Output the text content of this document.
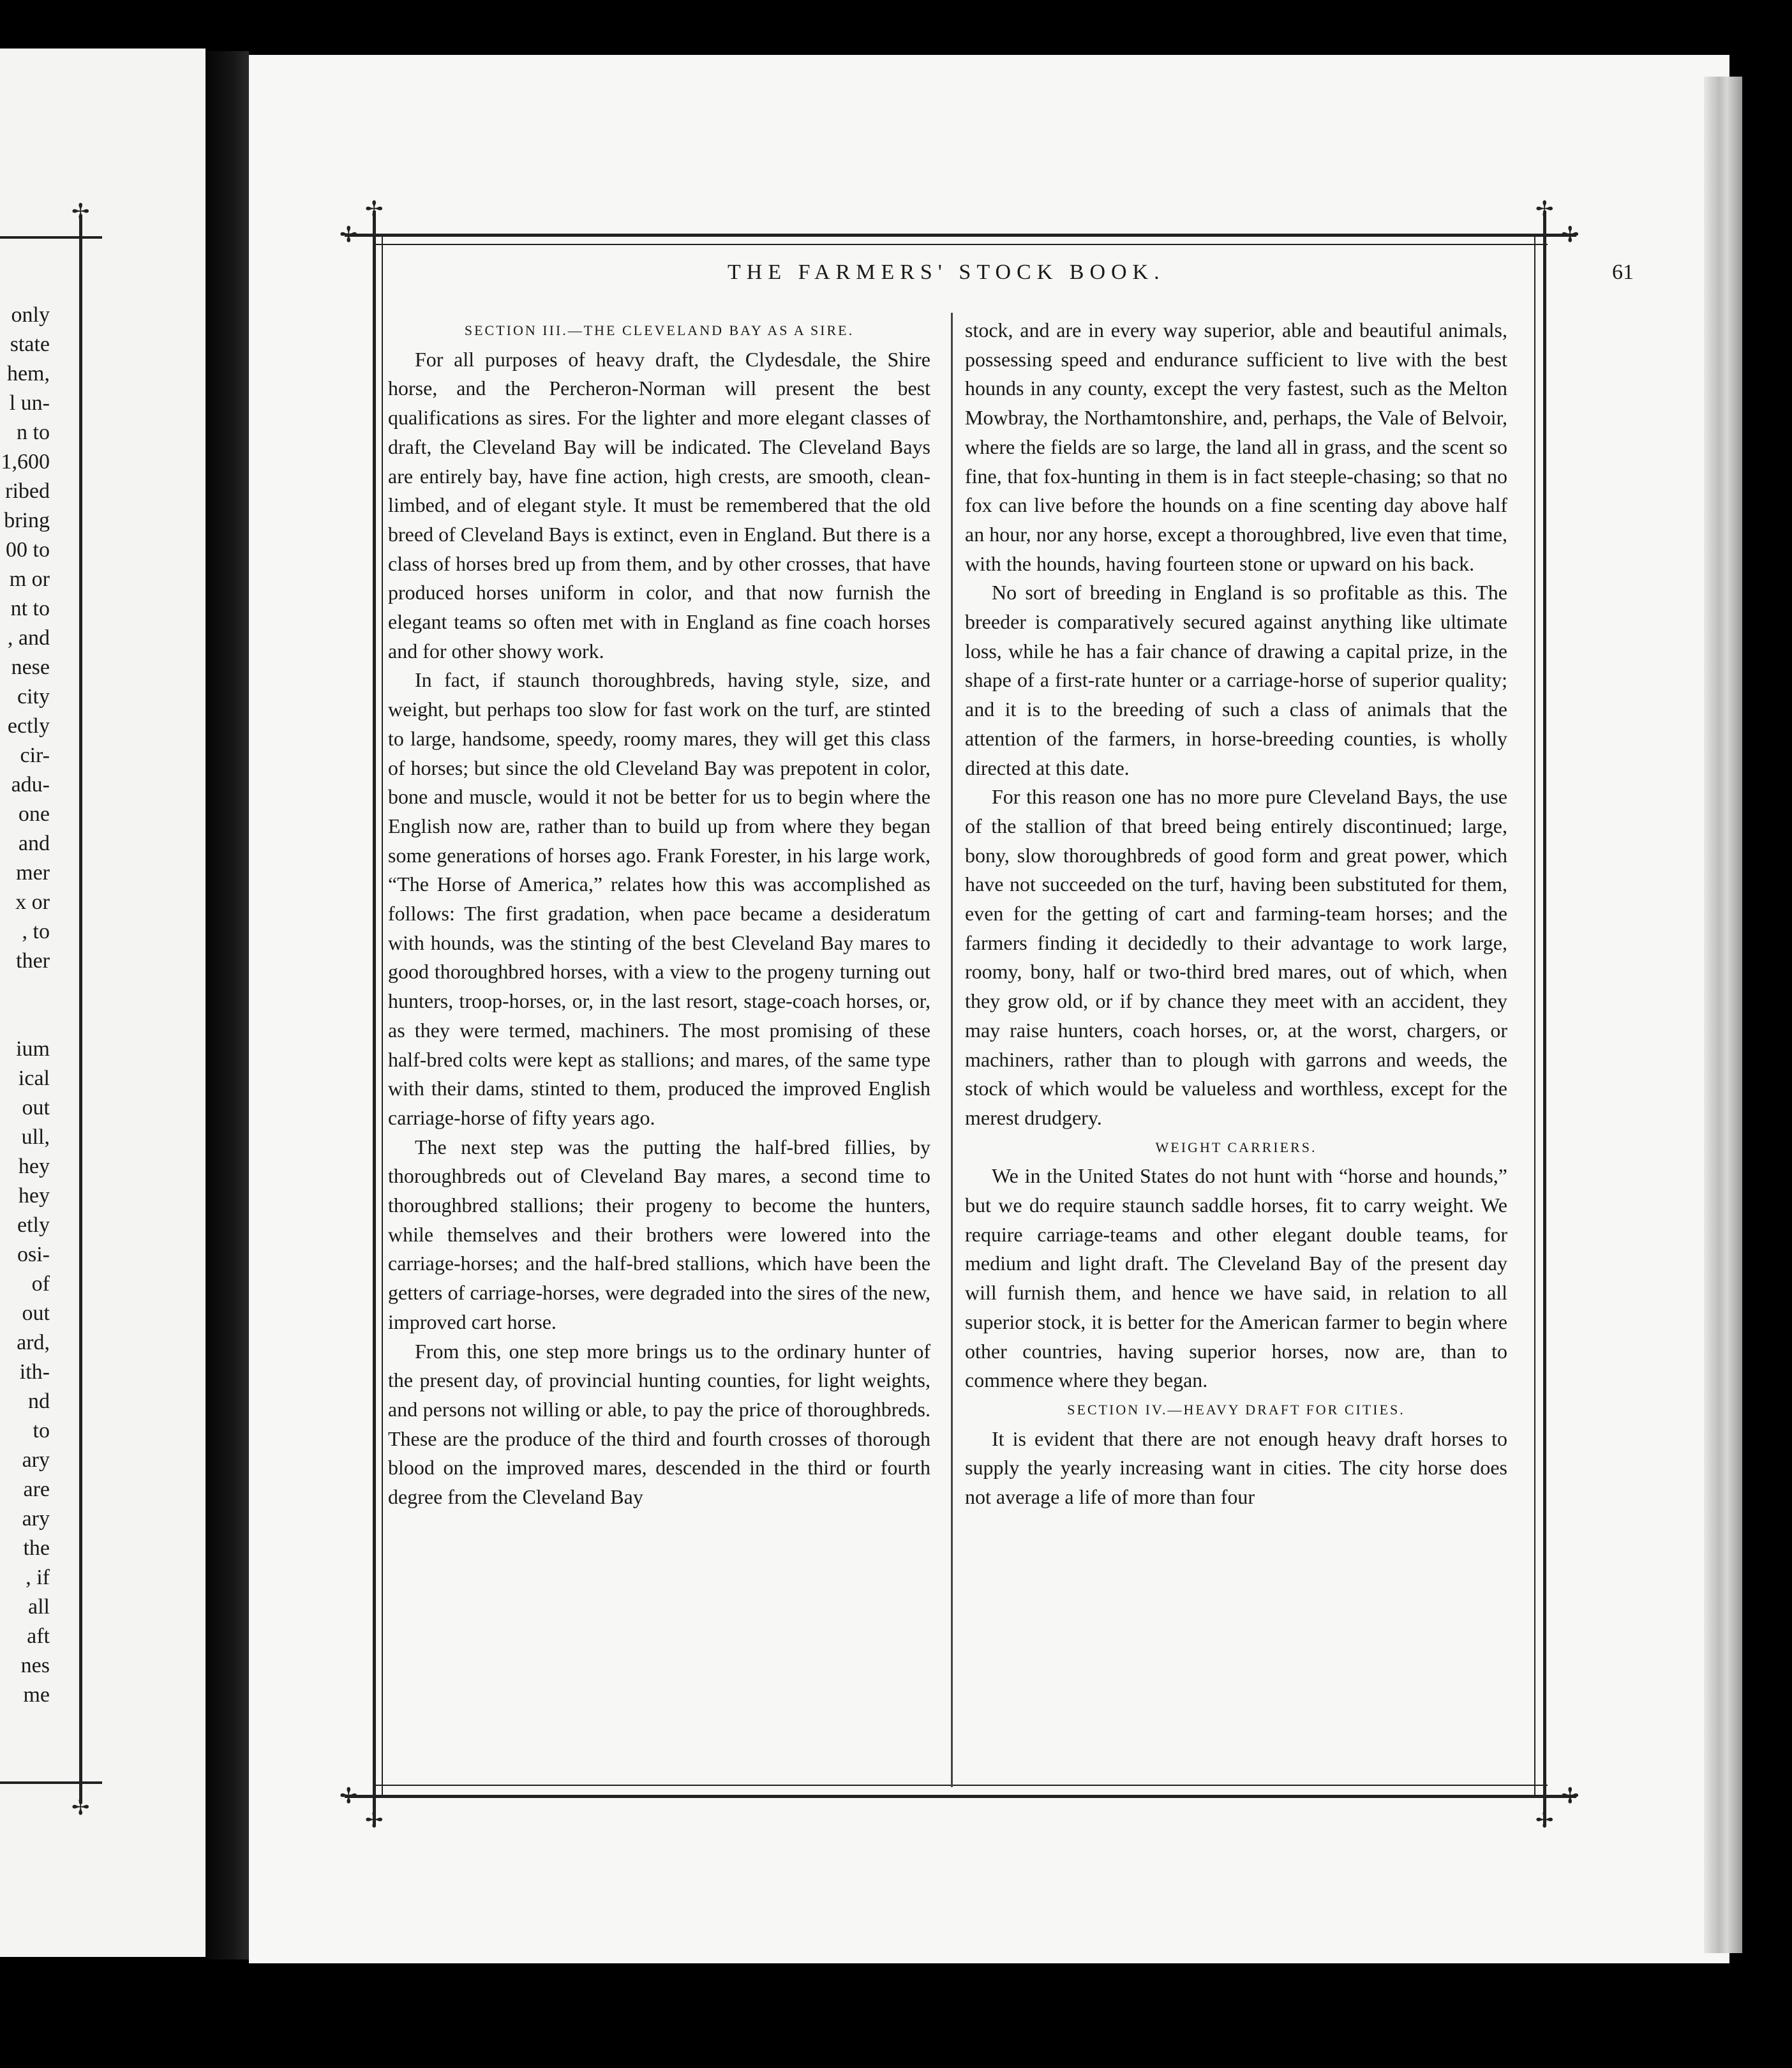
only
state
hem,
l un-
n to
1,600
ribed
bring
00 to
m or
nt to
, and
nese
city
ectly
cir-
adu-
one
and
mer
x or
, to
ther
ium
ical
out
ull,
hey
hey
etly
osi-
of
out
ard,
ith-
nd
to
ary
are
ary
the
, if
all
aft
nes
me
✢
✢
✢
✢
✢
✢
✢
✢
✢
✢
THE FARMERS' STOCK BOOK.	61
SECTION III.—THE CLEVELAND BAY AS A SIRE.

For all purposes of heavy draft, the Clydesdale, the Shire horse, and the Percheron-Norman will present the best qualifications as sires. For the lighter and more elegant classes of draft, the Cleveland Bay will be indicated. The Cleveland Bays are entirely bay, have fine action, high crests, are smooth, clean-limbed, and of elegant style. It must be remembered that the old breed of Cleveland Bays is extinct, even in England. But there is a class of horses bred up from them, and by other crosses, that have produced horses uniform in color, and that now furnish the elegant teams so often met with in England as fine coach horses and for other showy work.

In fact, if staunch thoroughbreds, having style, size, and weight, but perhaps too slow for fast work on the turf, are stinted to large, handsome, speedy, roomy mares, they will get this class of horses; but since the old Cleveland Bay was prepotent in color, bone and muscle, would it not be better for us to begin where the English now are, rather than to build up from where they began some generations of horses ago. Frank Forester, in his large work, “The Horse of America,” relates how this was accomplished as follows: The first gradation, when pace became a desideratum with hounds, was the stinting of the best Cleveland Bay mares to good thoroughbred horses, with a view to the progeny turning out hunters, troop-horses, or, in the last resort, stage-coach horses, or, as they were termed, machiners. The most promising of these half-bred colts were kept as stallions; and mares, of the same type with their dams, stinted to them, produced the improved English carriage-horse of fifty years ago.

The next step was the putting the half-bred fillies, by thoroughbreds out of Cleveland Bay mares, a second time to thoroughbred stallions; their progeny to become the hunters, while themselves and their brothers were lowered into the carriage-horses; and the half-bred stallions, which have been the getters of carriage-horses, were degraded into the sires of the new, improved cart horse.

From this, one step more brings us to the ordinary hunter of the present day, of provincial hunting counties, for light weights, and persons not willing or able, to pay the price of thoroughbreds. These are the produce of the third and fourth crosses of thorough blood on the improved mares, descended in the third or fourth degree from the Cleveland Bay

stock, and are in every way superior, able and beautiful animals, possessing speed and endurance sufficient to live with the best hounds in any county, except the very fastest, such as the Melton Mowbray, the Northamtonshire, and, perhaps, the Vale of Belvoir, where the fields are so large, the land all in grass, and the scent so fine, that fox-hunting in them is in fact steeple-chasing; so that no fox can live before the hounds on a fine scenting day above half an hour, nor any horse, except a thoroughbred, live even that time, with the hounds, having fourteen stone or upward on his back.

No sort of breeding in England is so profitable as this. The breeder is comparatively secured against anything like ultimate loss, while he has a fair chance of drawing a capital prize, in the shape of a first-rate hunter or a carriage-horse of superior quality; and it is to the breeding of such a class of animals that the attention of the farmers, in horse-breeding counties, is wholly directed at this date.

For this reason one has no more pure Cleveland Bays, the use of the stallion of that breed being entirely discontinued; large, bony, slow thoroughbreds of good form and great power, which have not succeeded on the turf, having been substituted for them, even for the getting of cart and farming-team horses; and the farmers finding it decidedly to their advantage to work large, roomy, bony, half or two-third bred mares, out of which, when they grow old, or if by chance they meet with an accident, they may raise hunters, coach horses, or, at the worst, chargers, or machiners, rather than to plough with garrons and weeds, the stock of which would be valueless and worthless, except for the merest drudgery.

WEIGHT CARRIERS.

We in the United States do not hunt with “horse and hounds,” but we do require staunch saddle horses, fit to carry weight. We require carriage-teams and other elegant double teams, for medium and light draft. The Cleveland Bay of the present day will furnish them, and hence we have said, in relation to all superior stock, it is better for the American farmer to begin where other countries, having superior horses, now are, than to commence where they began.

SECTION IV.—HEAVY DRAFT FOR CITIES.

It is evident that there are not enough heavy draft horses to supply the yearly increasing want in cities. The city horse does not average a life of more than four
